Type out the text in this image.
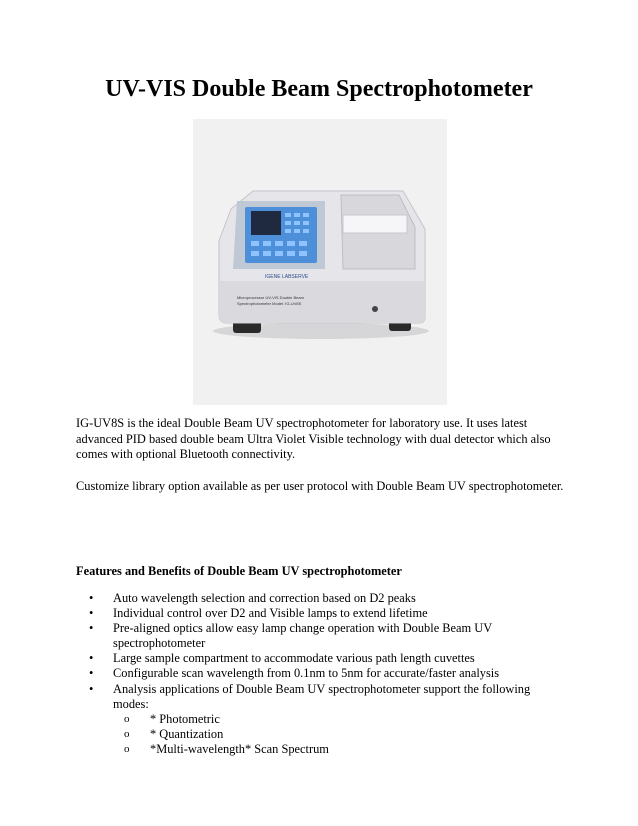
UV-VIS Double Beam Spectrophotometer
IGENE LABSERVE
Microprocessor UV-VIS Double Beam
Spectrophotometer Model: IG-UV8S

IG-UV8S is the ideal Double Beam UV spectrophotometer for laboratory use. It uses latest advanced PID based double beam Ultra Violet Visible technology with dual detector which also comes with optional Bluetooth connectivity.

Customize library option available as per user protocol with Double Beam UV spectrophotometer.

Features and Benefits of Double Beam UV spectrophotometer

• Auto wavelength selection and correction based on D2 peaks
• Individual control over D2 and Visible lamps to extend lifetime
• Pre-aligned optics allow easy lamp change operation with Double Beam UV spectrophotometer
• Large sample compartment to accommodate various path length cuvettes
• Configurable scan wavelength from 0.1nm to 5nm for accurate/faster analysis
• Analysis applications of Double Beam UV spectrophotometer support the following modes:
o * Photometric
o * Quantization
o *Multi-wavelength* Scan Spectrum
